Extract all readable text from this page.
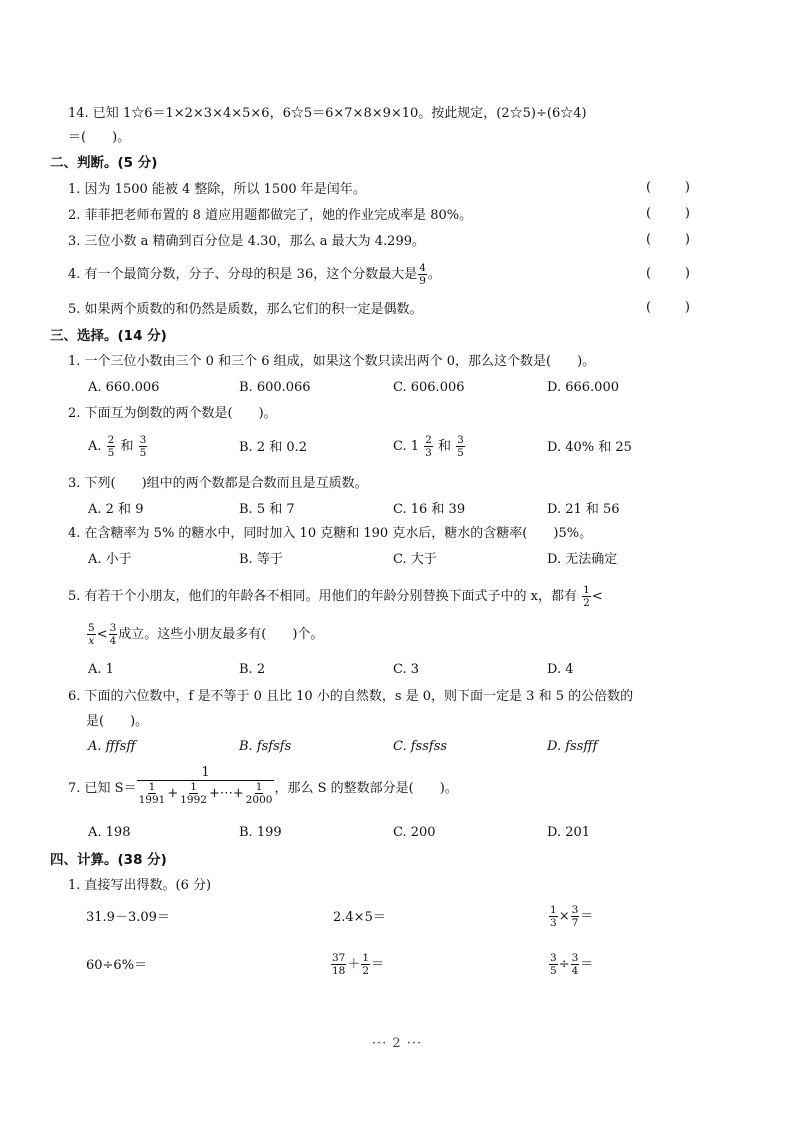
14. 已知 1☆6＝1×2×3×4×5×6，6☆5＝6×7×8×9×10。按此规定，(2☆5)÷(6☆4)
＝(　　)。
二、判断。(5 分)
1. 因为 1500 能被 4 整除，所以 1500 年是闰年。	(	)
2. 菲菲把老师布置的 8 道应用题都做完了，她的作业完成率是 80%。	(	)
3. 三位小数 a 精确到百分位是 4.30，那么 a 最大为 4.299。	(	)
4. 有一个最简分数，分子、分母的积是 36，这个分数最大是 $\frac{4}{9}$ 。	(	)
5. 如果两个质数的和仍然是质数，那么它们的积一定是偶数。	(	)
三、选择。(14 分)
1. 一个三位小数由三个 0 和三个 6 组成，如果这个数只读出两个 0，那么这个数是(　　)。
A. 660.006	B. 600.066	C. 606.006	D. 666.000
2. 下面互为倒数的两个数是(　　)。
A. $\frac{2}{5}$ 和 $\frac{3}{5}$	B. 2 和 0.2	C. $1 \frac{2}{3}$ 和 $\frac{3}{5}$	D. 40% 和 25
3. 下列(　　)组中的两个数都是合数而且是互质数。
A. 2 和 9	B. 5 和 7	C. 16 和 39	D. 21 和 56
4. 在含糖率为 5% 的糖水中，同时加入 10 克糖和 190 克水后，糖水的含糖率(　　)5%。
A. 小于	B. 等于	C. 大于	D. 无法确定
5. 有若干个小朋友，他们的年龄各不相同。用他们的年龄分别替换下面式子中的 x，都有 $\frac{1}{2}$ <
$\frac{5}{x} < \frac{3}{4}$ 成立。这些小朋友最多有(　　)个。
A. 1	B. 2	C. 3	D. 4
6. 下面的六位数中，f 是不等于 0 且比 10 小的自然数，s 是 0，则下面一定是 3 和 5 的公倍数的
是(　　)。
A. fffsff	B. fsfsfs	C. fssfss	D. fssfff
7. 已知 S＝
1
$\frac{1}{1991} + \frac{1}{1992}$ +⋯+ $\frac{1}{2000}$ ，那么 S 的整数部分是(　　)。
A. 198	B. 199	C. 200	D. 201
四、计算。(38 分)
1. 直接写出得数。(6 分)
31.9－3.09＝	2.4×5＝	$\frac{1}{3} \times \frac{3}{7}$ ＝
60÷6%＝	$\frac{37}{18} + \frac{1}{2}$ ＝	$\frac{3}{5} \div \frac{3}{4}$ ＝
··· 2 ···
